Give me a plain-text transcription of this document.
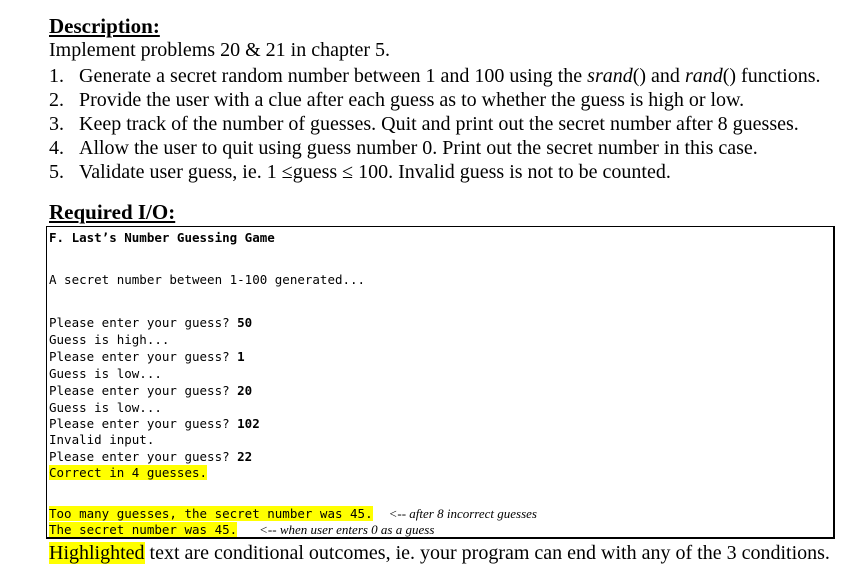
Description:
Implement problems 20 & 21 in chapter 5.
1. Generate a secret random number between 1 and 100 using the srand() and rand() functions.
2. Provide the user with a clue after each guess as to whether the guess is high or low.
3. Keep track of the number of guesses. Quit and print out the secret number after 8 guesses.
4. Allow the user to quit using guess number 0. Print out the secret number in this case.
5. Validate user guess, ie. 1 ≤guess ≤ 100. Invalid guess is not to be counted.
Required I/O:
F. Last’s Number Guessing Game
A secret number between 1-100 generated...
Please enter your guess? 50
Guess is high...
Please enter your guess? 1
Guess is low...
Please enter your guess? 20
Guess is low...
Please enter your guess? 102
Invalid input.
Please enter your guess? 22
Correct in 4 guesses.
Too many guesses, the secret number was 45. <-- after 8 incorrect guesses
The secret number was 45. <-- when user enters 0 as a guess
Highlighted text are conditional outcomes, ie. your program can end with any of the 3 conditions.
